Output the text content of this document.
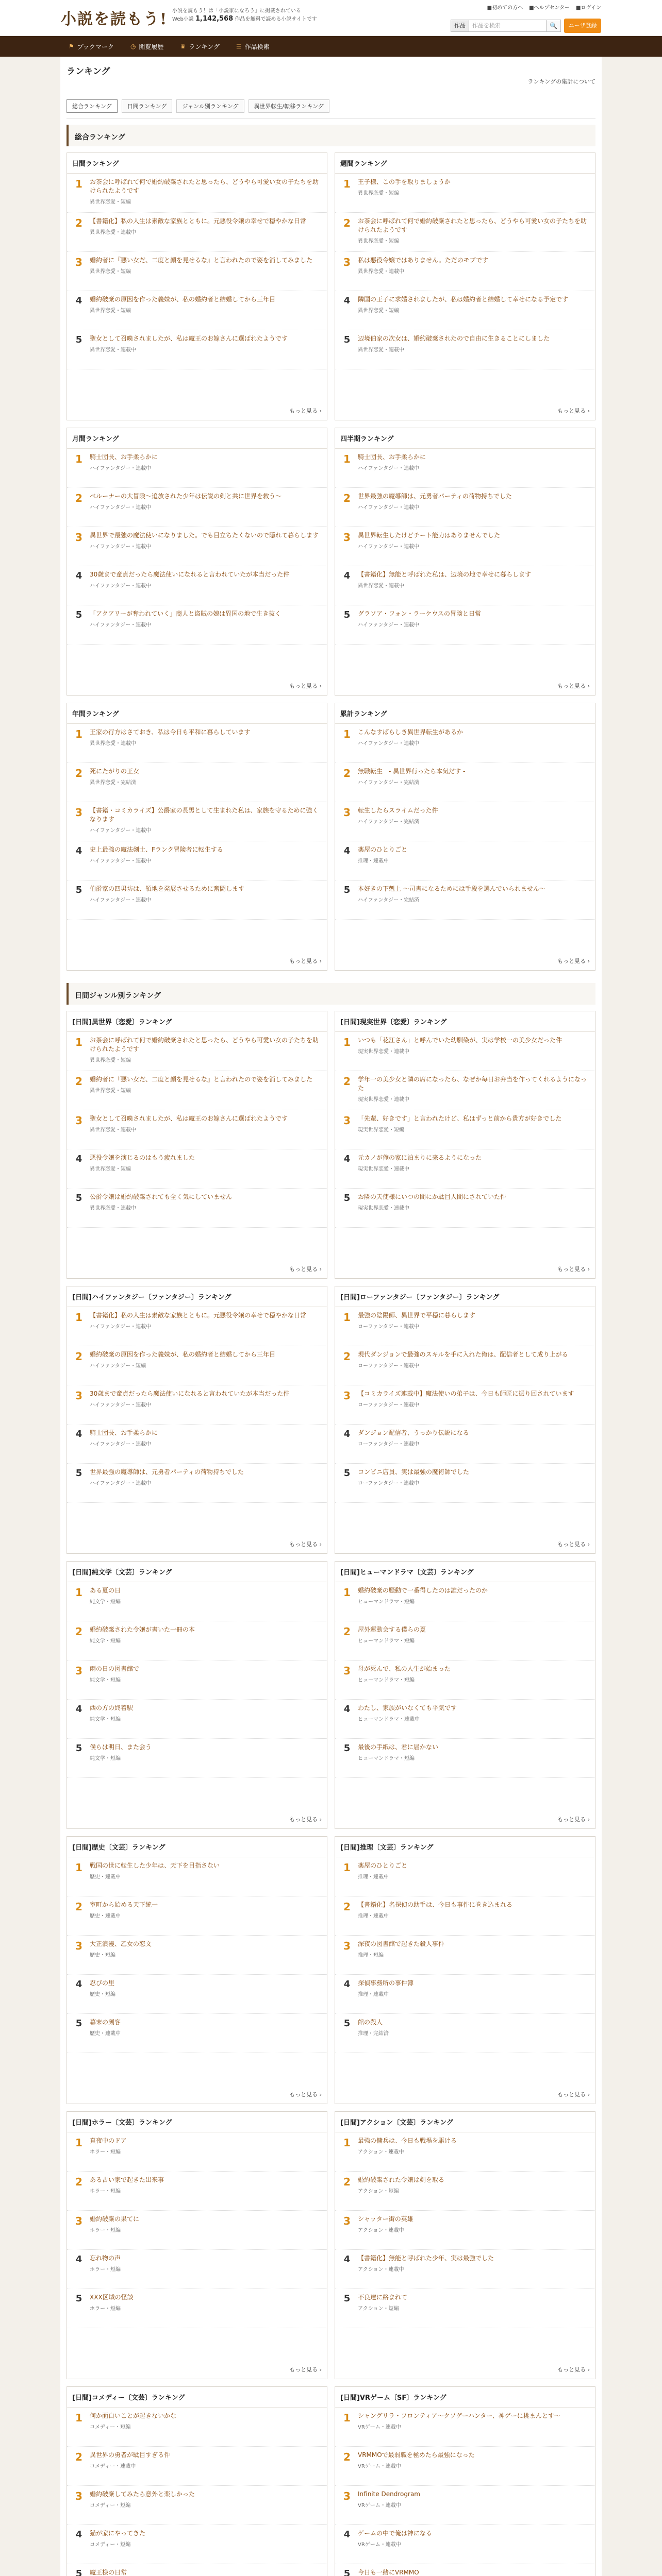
小説を読もう! 小説を読もう！は「小説家になろう」に掲載されている
Web小説 1,142,568 作品を無料で読める小説サイトです
■初めての方へ ■ヘルプセンター ■ログイン
作品	作品を検索	🔍	ユーザ登録
⚑ ブックマーク	◷ 閲覧履歴	♛ ランキング	☰ 作品検索
ランキング
ランキングの集計について
総合ランキング	日間ランキング	ジャンル別ランキング	異世界転生/転移ランキング
総合ランキング
日間ランキング
1	お茶会に呼ばれて何で婚約破棄されたと思ったら、どうやら可愛い女の子たちを助けられたようです
異世界恋愛・短編
2	【書籍化】私の人生は素敵な家族とともに。元悪役令嬢の幸せで穏やかな日常
異世界恋愛・連載中
3	婚約者に『悪い女だ、二度と顔を見せるな』と言われたので姿を消してみました
異世界恋愛・短編
4	婚約破棄の原因を作った義妹が、私の婚約者と結婚してから三年目
異世界恋愛・短編
5	聖女として召喚されましたが、私は魔王のお嫁さんに選ばれたようです
異世界恋愛・連載中
もっと見る ›
週間ランキング
1	王子様、この手を取りましょうか
異世界恋愛・短編
2	お茶会に呼ばれて何で婚約破棄されたと思ったら、どうやら可愛い女の子たちを助けられたようです
異世界恋愛・短編
3	私は悪役令嬢ではありません。ただのモブです
異世界恋愛・連載中
4	隣国の王子に求婚されましたが、私は婚約者と結婚して幸せになる予定です
異世界恋愛・短編
5	辺境伯家の次女は、婚約破棄されたので自由に生きることにしました
異世界恋愛・連載中
もっと見る ›
月間ランキング
1	騎士団長、お手柔らかに
ハイファンタジー・連載中
2	ベルーナーの大冒険〜追放された少年は伝説の剣と共に世界を救う〜
ハイファンタジー・連載中
3	異世界で最強の魔法使いになりました。でも目立ちたくないので隠れて暮らします
ハイファンタジー・連載中
4	30歳まで童貞だったら魔法使いになれると言われていたが本当だった件
ハイファンタジー・連載中
5	「アクアリーが奪われていく」商人と盗賊の娘は異国の地で生き抜く
ハイファンタジー・連載中
もっと見る ›
四半期ランキング
1	騎士団長、お手柔らかに
ハイファンタジー・連載中
2	世界最強の魔導師は、元勇者パーティの荷物持ちでした
ハイファンタジー・連載中
3	異世界転生したけどチート能力はありませんでした
ハイファンタジー・連載中
4	【書籍化】無能と呼ばれた私は、辺境の地で幸せに暮らします
異世界恋愛・連載中
5	グラソア・フォン・ラーケウスの冒険と日常
ハイファンタジー・連載中
もっと見る ›
年間ランキング
1	王家の行方はさておき、私は今日も平和に暮らしています
異世界恋愛・連載中
2	死にたがりの王女
異世界恋愛・完結済
3	【書籍・コミカライズ】公爵家の長男として生まれた私は、家族を守るために強くなります
ハイファンタジー・連載中
4	史上最強の魔法剣士、Fランク冒険者に転生する
ハイファンタジー・連載中
5	伯爵家の四男坊は、領地を発展させるために奮闘します
ハイファンタジー・連載中
もっと見る ›
累計ランキング
1	こんなすばらしき異世界転生があるか
ハイファンタジー・連載中
2	無職転生　- 異世界行ったら本気だす -
ハイファンタジー・完結済
3	転生したらスライムだった件
ハイファンタジー・完結済
4	薬屋のひとりごと
推理・連載中
5	本好きの下剋上 〜司書になるためには手段を選んでいられません〜
ハイファンタジー・完結済
もっと見る ›
日間ジャンル別ランキング
[日間]異世界〔恋愛〕ランキング
1	お茶会に呼ばれて何で婚約破棄されたと思ったら、どうやら可愛い女の子たちを助けられたようです
異世界恋愛・短編
2	婚約者に『悪い女だ、二度と顔を見せるな』と言われたので姿を消してみました
異世界恋愛・短編
3	聖女として召喚されましたが、私は魔王のお嫁さんに選ばれたようです
異世界恋愛・連載中
4	悪役令嬢を演じるのはもう疲れました
異世界恋愛・短編
5	公爵令嬢は婚約破棄されても全く気にしていません
異世界恋愛・連載中
もっと見る ›
[日間]現実世界〔恋愛〕ランキング
1	いつも「花江さん」と呼んでいた幼馴染が、実は学校一の美少女だった件
現実世界恋愛・連載中
2	学年一の美少女と隣の席になったら、なぜか毎日お弁当を作ってくれるようになった
現実世界恋愛・連載中
3	「先輩、好きです」と言われたけど、私はずっと前から貴方が好きでした
現実世界恋愛・短編
4	元カノが俺の家に泊まりに来るようになった
現実世界恋愛・連載中
5	お隣の天使様にいつの間にか駄目人間にされていた件
現実世界恋愛・連載中
もっと見る ›
[日間]ハイファンタジー〔ファンタジー〕ランキング
1	【書籍化】私の人生は素敵な家族とともに。元悪役令嬢の幸せで穏やかな日常
ハイファンタジー・連載中
2	婚約破棄の原因を作った義妹が、私の婚約者と結婚してから三年目
ハイファンタジー・短編
3	30歳まで童貞だったら魔法使いになれると言われていたが本当だった件
ハイファンタジー・連載中
4	騎士団長、お手柔らかに
ハイファンタジー・連載中
5	世界最強の魔導師は、元勇者パーティの荷物持ちでした
ハイファンタジー・連載中
もっと見る ›
[日間]ローファンタジー〔ファンタジー〕ランキング
1	最強の陰陽師、異世界で平穏に暮らします
ローファンタジー・連載中
2	現代ダンジョンで最強のスキルを手に入れた俺は、配信者として成り上がる
ローファンタジー・連載中
3	【コミカライズ連載中】魔法使いの弟子は、今日も師匠に振り回されています
ローファンタジー・連載中
4	ダンジョン配信者、うっかり伝説になる
ローファンタジー・連載中
5	コンビニ店員、実は最強の魔術師でした
ローファンタジー・連載中
もっと見る ›
[日間]純文学〔文芸〕ランキング
1	ある夏の日
純文学・短編
2	婚約破棄された令嬢が書いた一冊の本
純文学・短編
3	雨の日の図書館で
純文学・短編
4	西の方の終着駅
純文学・短編
5	僕らは明日、また会う
純文学・短編
もっと見る ›
[日間]ヒューマンドラマ〔文芸〕ランキング
1	婚約破棄の騒動で一番得したのは誰だったのか
ヒューマンドラマ・短編
2	屋外運動会する僕らの夏
ヒューマンドラマ・短編
3	母が死んで、私の人生が始まった
ヒューマンドラマ・短編
4	わたし、家族がいなくても平気です
ヒューマンドラマ・連載中
5	最後の手紙は、君に届かない
ヒューマンドラマ・短編
もっと見る ›
[日間]歴史〔文芸〕ランキング
1	戦国の世に転生した少年は、天下を目指さない
歴史・連載中
2	室町から始める天下統一
歴史・連載中
3	大正浪漫、乙女の恋文
歴史・短編
4	忍びの里
歴史・短編
5	幕末の剣客
歴史・連載中
もっと見る ›
[日間]推理〔文芸〕ランキング
1	薬屋のひとりごと
推理・連載中
2	【書籍化】名探偵の助手は、今日も事件に巻き込まれる
推理・連載中
3	深夜の図書館で起きた殺人事件
推理・短編
4	探偵事務所の事件簿
推理・連載中
5	館の殺人
推理・完結済
もっと見る ›
[日間]ホラー〔文芸〕ランキング
1	真夜中のドア
ホラー・短編
2	ある古い家で起きた出来事
ホラー・短編
3	婚約破棄の果てに
ホラー・短編
4	忘れ物の声
ホラー・短編
5	XXX区域の怪談
ホラー・短編
もっと見る ›
[日間]アクション〔文芸〕ランキング
1	最強の傭兵は、今日も戦場を駆ける
アクション・連載中
2	婚約破棄された令嬢は剣を取る
アクション・短編
3	シャッター街の英雄
アクション・連載中
4	【書籍化】無能と呼ばれた少年、実は最強でした
アクション・連載中
5	不良達に絡まれて
アクション・短編
もっと見る ›
[日間]コメディー〔文芸〕ランキング
1	何か面白いことが起きないかな
コメディー・短編
2	異世界の勇者が駄目すぎる件
コメディー・連載中
3	婚約破棄してみたら意外と楽しかった
コメディー・短編
4	猫が家にやってきた
コメディー・短編
5	魔王様の日常
[日間]VRゲーム〔SF〕ランキング
1	シャングリラ・フロンティア〜クソゲーハンター、神ゲーに挑まんとす〜
VRゲーム・連載中
2	VRMMOで最弱職を極めたら最強になった
VRゲーム・連載中
3	Infinite Dendrogram
VRゲーム・連載中
4	ゲームの中で俺は神になる
VRゲーム・連載中
5	今日も一緒にVRMMO
